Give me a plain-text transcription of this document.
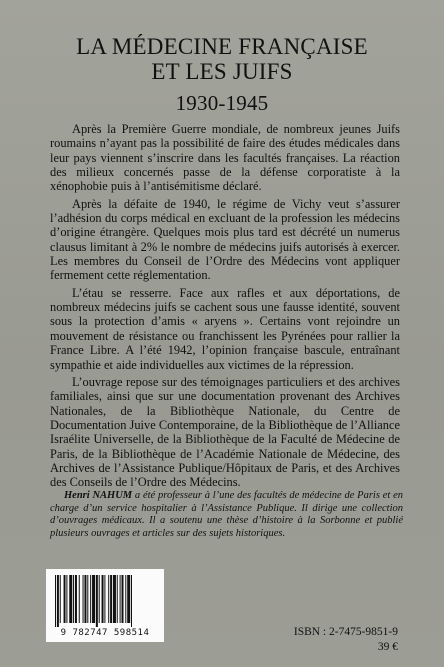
LA MÉDECINE FRANÇAISE
ET LES JUIFS
1930-1945

Après la Première Guerre mondiale, de nombreux jeunes Juifs roumains n’ayant pas la possibilité de faire des études médicales dans leur pays viennent s’inscrire dans les facultés françaises. La réaction des milieux concernés passe de la défense corporatiste à la xénophobie puis à l’antisémitisme déclaré.

Après la défaite de 1940, le régime de Vichy veut s’assurer l’adhésion du corps médical en excluant de la profession les médecins d’origine étrangère. Quelques mois plus tard est décrété un numerus clausus limitant à 2% le nombre de médecins juifs autorisés à exercer. Les membres du Conseil de l’Ordre des Médecins vont appliquer fermement cette réglementation.

L’étau se resserre. Face aux rafles et aux déportations, de nombreux médecins juifs se cachent sous une fausse identité, souvent sous la protection d’amis « aryens ». Certains vont rejoindre un mouvement de résistance ou franchissent les Pyrénées pour rallier la France Libre. A l’été 1942, l’opinion française bascule, entraînant sympathie et aide individuelles aux victimes de la répression.

L’ouvrage repose sur des témoignages particuliers et des archives familiales, ainsi que sur une documentation provenant des Archives Nationales, de la Bibliothèque Nationale, du Centre de Documentation Juive Contemporaine, de la Bibliothèque de l’Alliance Israélite Universelle, de la Bibliothèque de la Faculté de Médecine de Paris, de la Bibliothèque de l’Académie Nationale de Médecine, des Archives de l’Assistance Publique/Hôpitaux de Paris, et des Archives des Conseils de l’Ordre des Médecins.

Henri NAHUM a été professeur à l’une des facultés de médecine de Paris et en charge d’un service hospitalier à l’Assistance Publique. Il dirige une collection d’ouvrages médicaux. Il a soutenu une thèse d’histoire à la Sorbonne et publié plusieurs ouvrages et articles sur des sujets historiques.
9 782747 598514	ISBN : 2-7475-9851-9
39 €
